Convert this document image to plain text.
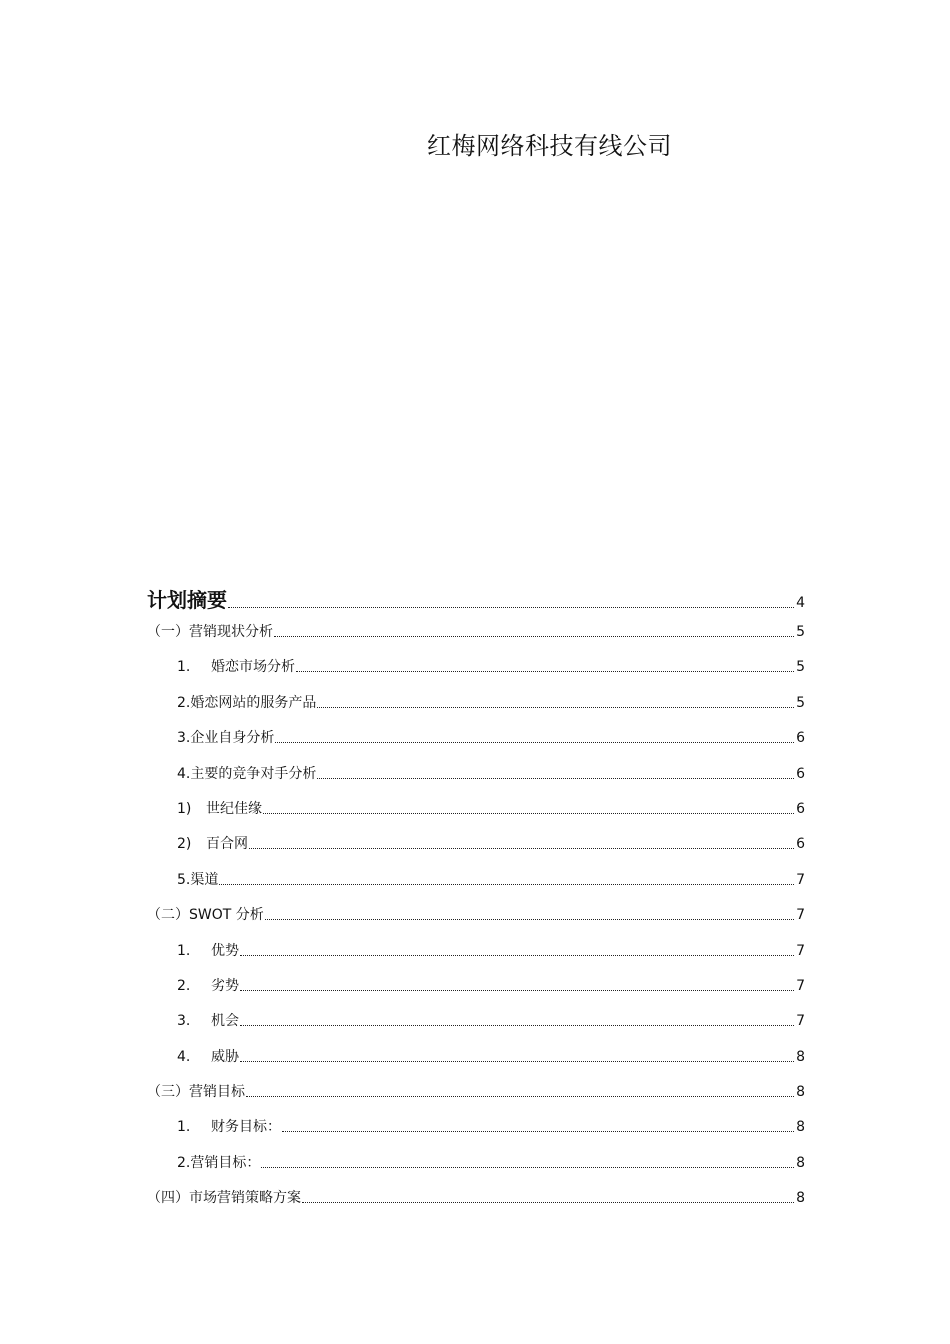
红梅网络科技有线公司
计划摘要	4
（一）营销现状分析	5
1.	婚恋市场分析	5
2.婚恋网站的服务产品	5
3.企业自身分析	6
4.主要的竞争对手分析	6
1)	世纪佳缘	6
2)	百合网	6
5.渠道	7
（二）SWOT 分析	7
1.	优势	7
2.	劣势	7
3.	机会	7
4.	威胁	8
（三）营销目标	8
1.	财务目标：	8
2.营销目标：	8
（四）市场营销策略方案	8
